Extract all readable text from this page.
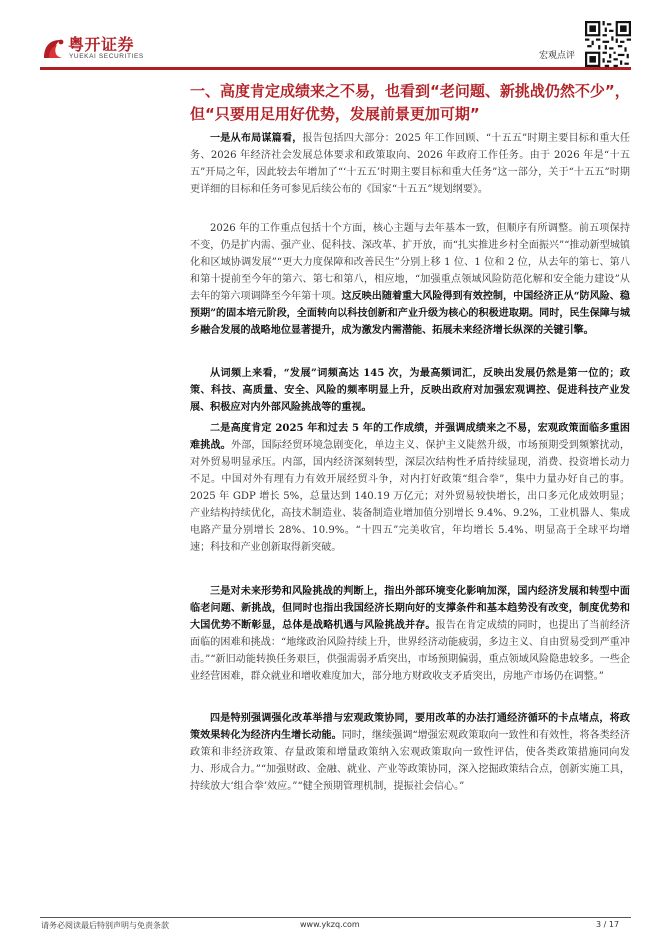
粤开证券
YUEKAI SECURITIES	宏观点评
一、高度肯定成绩来之不易，也看到“老问题、新挑战仍然不少”，但“只要用足用好优势，发展前景更加可期”

一是从布局谋篇看，报告包括四大部分：2025 年工作回顾、“十五五”时期主要目标和重大任务、2026 年经济社会发展总体要求和政策取向、2026 年政府工作任务。由于 2026 年是“十五五”开局之年，因此较去年增加了“‘十五五’时期主要目标和重大任务”这一部分，关于“十五五”时期更详细的目标和任务可参见后续公布的《国家“十五五”规划纲要》。

2026 年的工作重点包括十个方面，核心主题与去年基本一致，但顺序有所调整。前五项保持不变，仍是扩内需、强产业、促科技、深改革、扩开放，而“扎实推进乡村全面振兴”“推动新型城镇化和区域协调发展”“更大力度保障和改善民生”分别上移 1 位、1 位和 2 位，从去年的第七、第八和第十提前至今年的第六、第七和第八，相应地，“加强重点领域风险防范化解和安全能力建设”从去年的第六项调降至今年第十项。这反映出随着重大风险得到有效控制，中国经济正从“防风险、稳预期”的固本培元阶段，全面转向以科技创新和产业升级为核心的积极进取期。同时，民生保障与城乡融合发展的战略地位显著提升，成为激发内需潜能、拓展未来经济增长纵深的关键引擎。

从词频上来看，“发展”词频高达 145 次，为最高频词汇，反映出发展仍然是第一位的；政策、科技、高质量、安全、风险的频率明显上升，反映出政府对加强宏观调控、促进科技产业发展、积极应对内外部风险挑战等的重视。

二是高度肯定 2025 年和过去 5 年的工作成绩，并强调成绩来之不易，宏观政策面临多重困难挑战。外部，国际经贸环境急剧变化，单边主义、保护主义陡然升级，市场预期受到频繁扰动，对外贸易明显承压。内部，国内经济深刻转型，深层次结构性矛盾持续显现，消费、投资增长动力不足。中国对外有理有力有效开展经贸斗争，对内打好政策“组合拳”，集中力量办好自己的事。2025 年 GDP 增长 5%，总量达到 140.19 万亿元；对外贸易较快增长，出口多元化成效明显；产业结构持续优化，高技术制造业、装备制造业增加值分别增长 9.4%、9.2%，工业机器人、集成电路产量分别增长 28%、10.9%。“十四五”完美收官，年均增长 5.4%、明显高于全球平均增速；科技和产业创新取得新突破。

三是对未来形势和风险挑战的判断上，指出外部环境变化影响加深，国内经济发展和转型中面临老问题、新挑战，但同时也指出我国经济长期向好的支撑条件和基本趋势没有改变，制度优势和大国优势不断彰显，总体是战略机遇与风险挑战并存。报告在肯定成绩的同时，也提出了当前经济面临的困难和挑战：“地缘政治风险持续上升，世界经济动能疲弱，多边主义、自由贸易受到严重冲击。”“新旧动能转换任务艰巨，供强需弱矛盾突出，市场预期偏弱，重点领域风险隐患较多。一些企业经营困难，群众就业和增收难度加大，部分地方财政收支矛盾突出，房地产市场仍在调整。”

四是特别强调强化改革举措与宏观政策协同，要用改革的办法打通经济循环的卡点堵点，将政策效果转化为经济内生增长动能。同时，继续强调“增强宏观政策取向一致性和有效性，将各类经济政策和非经济政策、存量政策和增量政策纳入宏观政策取向一致性评估，使各类政策措施同向发力、形成合力。”“加强财政、金融、就业、产业等政策协同，深入挖掘政策结合点，创新实施工具，持续放大‘组合拳’效应。”“健全预期管理机制，提振社会信心。”

请务必阅读最后特别声明与免责条款	www.ykzq.com	3 / 17
